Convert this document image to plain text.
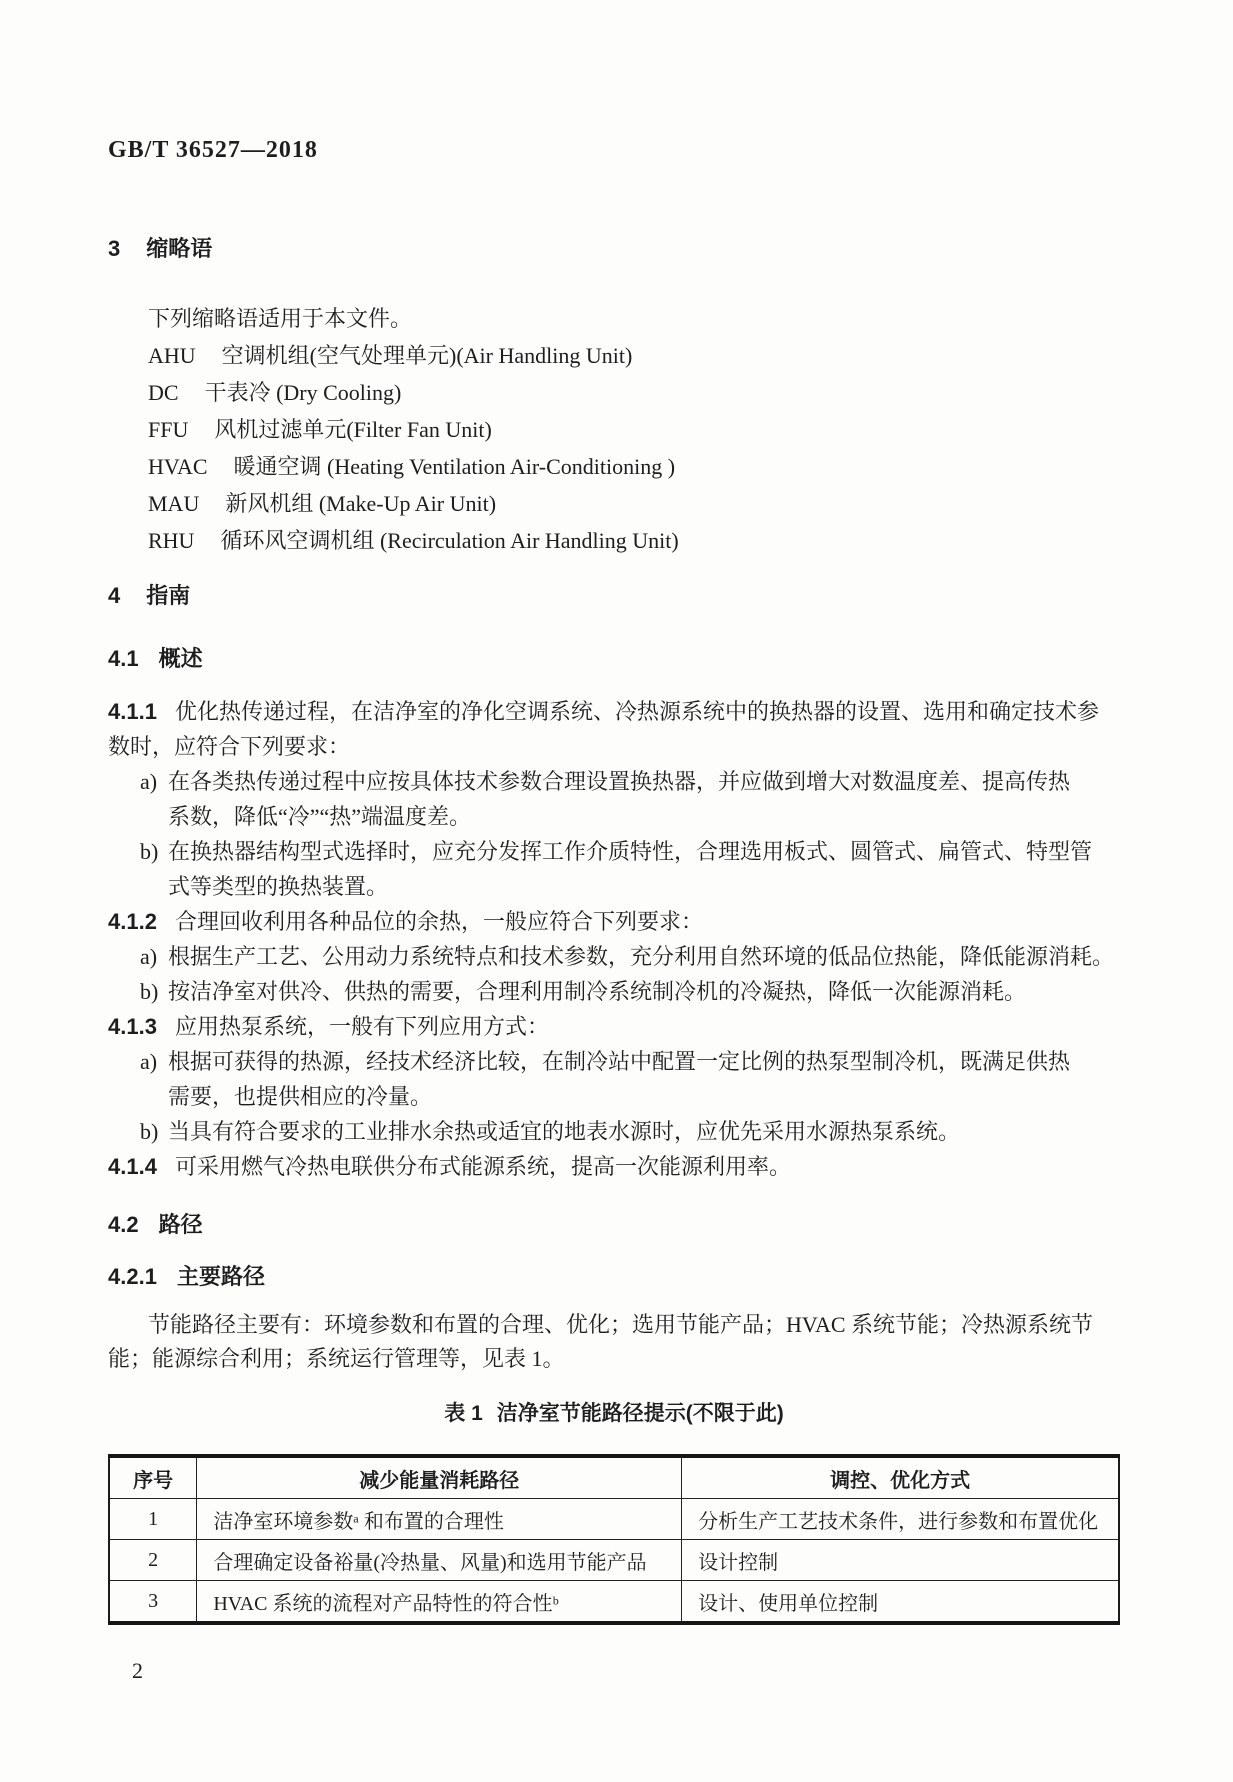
GB/T 36527—2018
3 缩略语
下列缩略语适用于本文件。
AHU 空调机组(空气处理单元)(Air Handling Unit)
DC 干表冷 (Dry Cooling)
FFU 风机过滤单元(Filter Fan Unit)
HVAC 暖通空调 (Heating Ventilation Air-Conditioning )
MAU 新风机组 (Make-Up Air Unit)
RHU 循环风空调机组 (Recirculation Air Handling Unit)
4 指南
4.1 概述
4.1.1 优化热传递过程，在洁净室的净化空调系统、冷热源系统中的换热器的设置、选用和确定技术参
数时，应符合下列要求：
a) 在各类热传递过程中应按具体技术参数合理设置换热器，并应做到增大对数温度差、提高传热
系数，降低“冷”“热”端温度差。
b) 在换热器结构型式选择时，应充分发挥工作介质特性，合理选用板式、圆管式、扁管式、特型管
式等类型的换热装置。
4.1.2 合理回收利用各种品位的余热，一般应符合下列要求：
a) 根据生产工艺、公用动力系统特点和技术参数，充分利用自然环境的低品位热能，降低能源消耗。
b) 按洁净室对供冷、供热的需要，合理利用制冷系统制冷机的冷凝热，降低一次能源消耗。
4.1.3 应用热泵系统，一般有下列应用方式：
a) 根据可获得的热源，经技术经济比较，在制冷站中配置一定比例的热泵型制冷机，既满足供热
需要，也提供相应的冷量。
b) 当具有符合要求的工业排水余热或适宜的地表水源时，应优先采用水源热泵系统。
4.1.4 可采用燃气冷热电联供分布式能源系统，提高一次能源利用率。
4.2 路径
4.2.1 主要路径
节能路径主要有：环境参数和布置的合理、优化；选用节能产品；HVAC 系统节能；冷热源系统节
能；能源综合利用；系统运行管理等，见表 1。
表 1 洁净室节能路径提示(不限于此)
序号	减少能量消耗路径	调控、优化方式
1	洁净室环境参数ᵃ 和布置的合理性	分析生产工艺技术条件，进行参数和布置优化
2	合理确定设备裕量(冷热量、风量)和选用节能产品	设计控制
3	HVAC 系统的流程对产品特性的符合性ᵇ	设计、使用单位控制
2
